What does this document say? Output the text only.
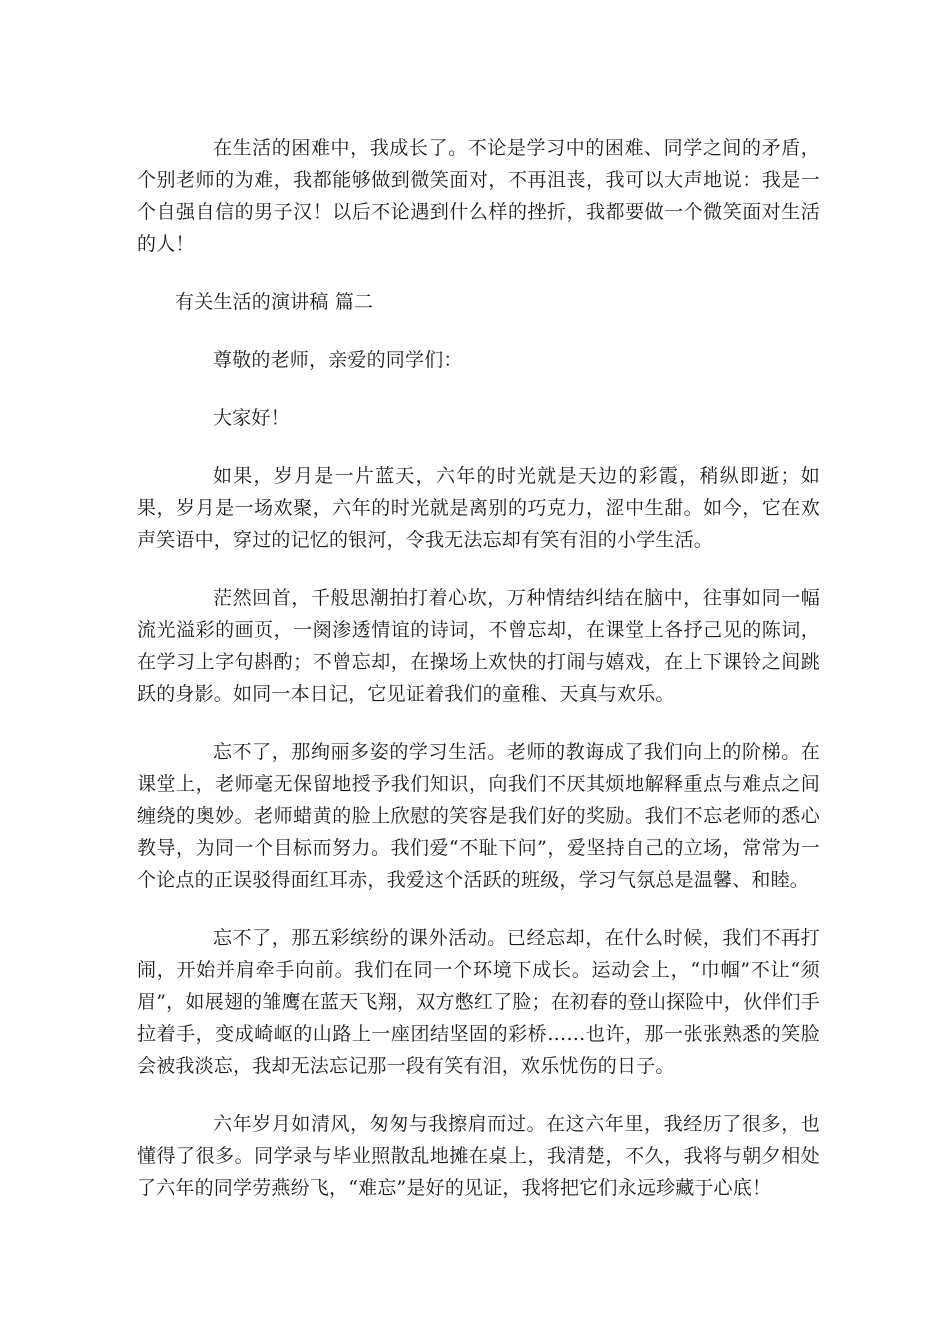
在生活的困难中，我成长了。不论是学习中的困难、同学之间的矛盾，个别老师的为难，我都能够做到微笑面对，不再沮丧，我可以大声地说：我是一个自强自信的男子汉！以后不论遇到什么样的挫折，我都要做一个微笑面对生活的人！

有关生活的演讲稿 篇二

尊敬的老师，亲爱的同学们：

大家好！

如果，岁月是一片蓝天，六年的时光就是天边的彩霞，稍纵即逝；如果，岁月是一场欢聚，六年的时光就是离别的巧克力，涩中生甜。如今，它在欢声笑语中，穿过的记忆的银河，令我无法忘却有笑有泪的小学生活。

茫然回首，千般思潮拍打着心坎，万种情结纠结在脑中，往事如同一幅流光溢彩的画页，一阕渗透情谊的诗词，不曾忘却，在课堂上各抒己见的陈词，在学习上字句斟酌；不曾忘却，在操场上欢快的打闹与嬉戏，在上下课铃之间跳跃的身影。如同一本日记，它见证着我们的童稚、天真与欢乐。

忘不了，那绚丽多姿的学习生活。老师的教诲成了我们向上的阶梯。在课堂上，老师毫无保留地授予我们知识，向我们不厌其烦地解释重点与难点之间缠绕的奥妙。老师蜡黄的脸上欣慰的笑容是我们好的奖励。我们不忘老师的悉心教导，为同一个目标而努力。我们爱“不耻下问”，爱坚持自己的立场，常常为一个论点的正误驳得面红耳赤，我爱这个活跃的班级，学习气氛总是温馨、和睦。

忘不了，那五彩缤纷的课外活动。已经忘却，在什么时候，我们不再打闹，开始并肩牵手向前。我们在同一个环境下成长。运动会上，“巾帼”不让“须眉”，如展翅的雏鹰在蓝天飞翔，双方憋红了脸；在初春的登山探险中，伙伴们手拉着手，变成崎岖的山路上一座团结坚固的彩桥……也许，那一张张熟悉的笑脸会被我淡忘，我却无法忘记那一段有笑有泪，欢乐忧伤的日子。

六年岁月如清风，匆匆与我擦肩而过。在这六年里，我经历了很多，也懂得了很多。同学录与毕业照散乱地摊在桌上，我清楚，不久，我将与朝夕相处了六年的同学劳燕纷飞，“难忘”是好的见证，我将把它们永远珍藏于心底！
